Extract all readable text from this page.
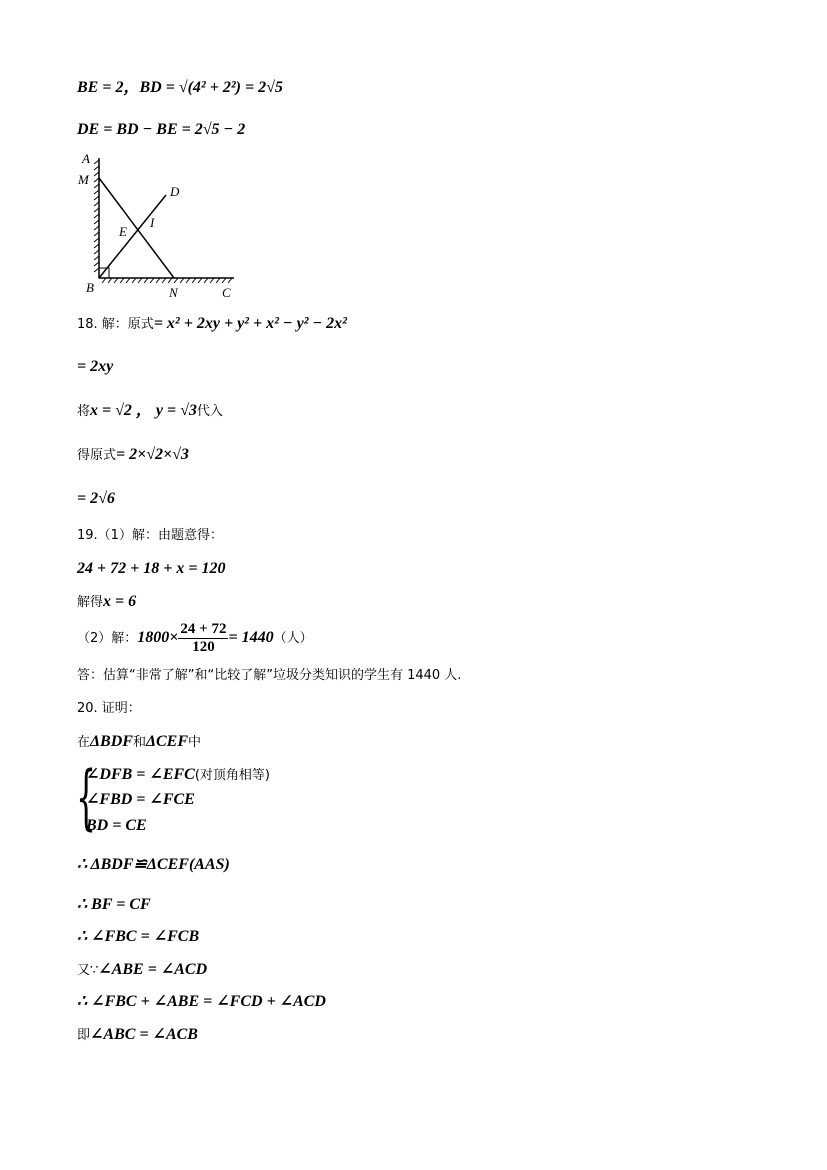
BE = 2，BD = √(4² + 2²) = 2√5
DE = BD − BE = 2√5 − 2
A
M
D
E
I
B	N	C
18. 解：原式= x² + 2xy + y² + x² − y² − 2x²
= 2xy
将x = √2 ， y = √3代入
得原式= 2×√2×√3
= 2√6
19.（1）解：由题意得：
24 + 72 + 18 + x = 120
解得x = 6
（2）解：$1800\times \frac{24 + 72}{120} = 1440$（人）
答：估算“非常了解”和“比较了解”垃圾分类知识的学生有 1440 人.
20. 证明：
在ΔBDF和ΔCEF中
{
∠DFB = ∠EFC(对顶角相等)
∠FBD = ∠FCE
BD = CE
∴ ΔBDF≌ΔCEF(AAS)
∴ BF = CF
∴ ∠FBC = ∠FCB
又∵∠ABE = ∠ACD
∴ ∠FBC + ∠ABE = ∠FCD + ∠ACD
即∠ABC = ∠ACB
